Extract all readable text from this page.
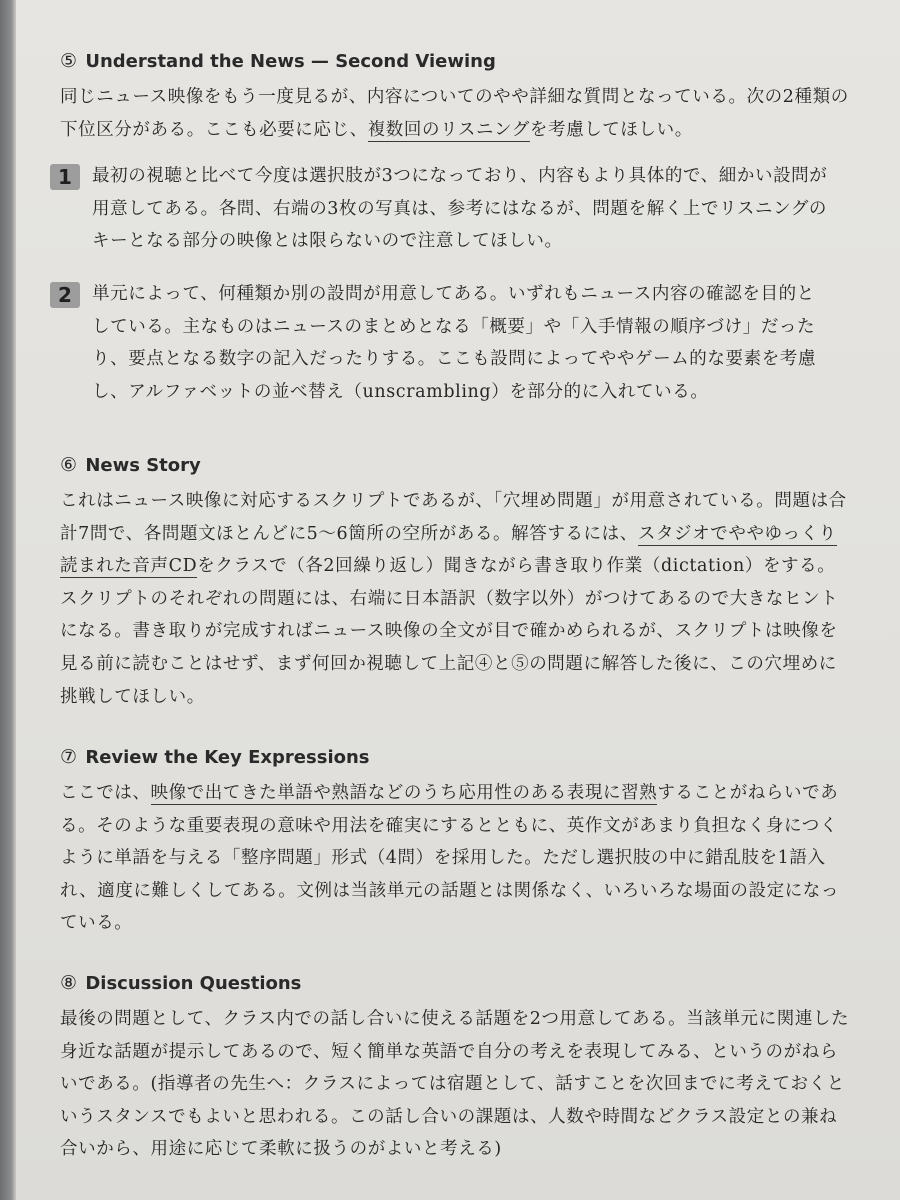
⑤ Understand the News — Second Viewing

同じニュース映像をもう一度見るが、内容についてのやや詳細な質問となっている。次の2種類の下位区分がある。ここも必要に応じ、複数回のリスニングを考慮してほしい。

1	最初の視聴と比べて今度は選択肢が3つになっており、内容もより具体的で、細かい設問が用意してある。各問、右端の3枚の写真は、参考にはなるが、問題を解く上でリスニングのキーとなる部分の映像とは限らないので注意してほしい。

2	単元によって、何種類か別の設問が用意してある。いずれもニュース内容の確認を目的としている。主なものはニュースのまとめとなる「概要」や「入手情報の順序づけ」だったり、要点となる数字の記入だったりする。ここも設問によってややゲーム的な要素を考慮し、アルファベットの並べ替え（unscrambling）を部分的に入れている。

⑥ News Story

これはニュース映像に対応するスクリプトであるが、「穴埋め問題」が用意されている。問題は合計7問で、各問題文ほとんどに5〜6箇所の空所がある。解答するには、スタジオでややゆっくり読まれた音声CDをクラスで（各2回繰り返し）聞きながら書き取り作業（dictation）をする。スクリプトのそれぞれの問題には、右端に日本語訳（数字以外）がつけてあるので大きなヒントになる。書き取りが完成すればニュース映像の全文が目で確かめられるが、スクリプトは映像を見る前に読むことはせず、まず何回か視聴して上記④と⑤の問題に解答した後に、この穴埋めに挑戦してほしい。

⑦ Review the Key Expressions

ここでは、映像で出てきた単語や熟語などのうち応用性のある表現に習熟することがねらいである。そのような重要表現の意味や用法を確実にするとともに、英作文があまり負担なく身につくように単語を与える「整序問題」形式（4問）を採用した。ただし選択肢の中に錯乱肢を1語入れ、適度に難しくしてある。文例は当該単元の話題とは関係なく、いろいろな場面の設定になっている。

⑧ Discussion Questions

最後の問題として、クラス内での話し合いに使える話題を2つ用意してある。当該単元に関連した身近な話題が提示してあるので、短く簡単な英語で自分の考えを表現してみる、というのがねらいである。(指導者の先生へ：クラスによっては宿題として、話すことを次回までに考えておくというスタンスでもよいと思われる。この話し合いの課題は、人数や時間などクラス設定との兼ね合いから、用途に応じて柔軟に扱うのがよいと考える)
